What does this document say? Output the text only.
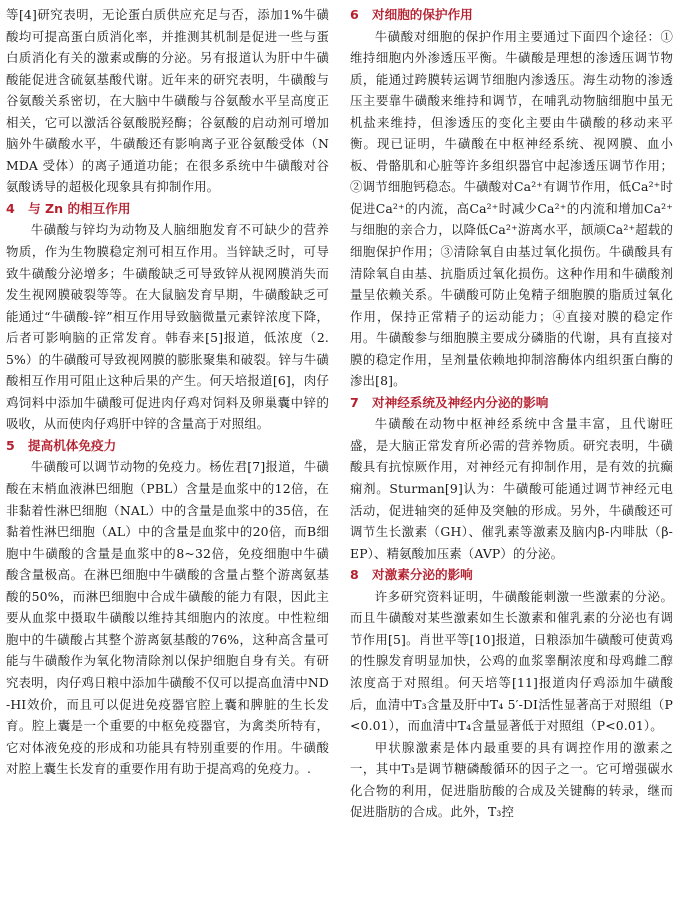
等[4]研究表明，无论蛋白质供应充足与否，添加1%牛磺酸均可提高蛋白质消化率，并推测其机制是促进一些与蛋白质消化有关的激素或酶的分泌。另有报道认为肝中牛磺酸能促进含硫氨基酸代谢。近年来的研究表明，牛磺酸与谷氨酸关系密切，在大脑中牛磺酸与谷氨酸水平呈高度正相关，它可以激活谷氨酸脱羟酶；谷氨酸的启动剂可增加脑外牛磺酸水平，牛磺酸还有影响离子亚谷氨酸受体（NMDA 受体）的离子通道功能；在很多系统中牛磺酸对谷氨酸诱导的超极化现象具有抑制作用。

4 与 Zn 的相互作用

牛磺酸与锌均为动物及人脑细胞发育不可缺少的营养物质，作为生物膜稳定剂可相互作用。当锌缺乏时，可导致牛磺酸分泌增多；牛磺酸缺乏可导致锌从视网膜消失而发生视网膜破裂等等。在大鼠脑发育早期，牛磺酸缺乏可能通过“牛磺酸-锌”相互作用导致脑微量元素锌浓度下降，后者可影响脑的正常发育。韩春来[5]报道，低浓度（2.5%）的牛磺酸可导致视网膜的膨胀聚集和破裂。锌与牛磺酸相互作用可阻止这种后果的产生。何天培报道[6]，肉仔鸡饲料中添加牛磺酸可促进肉仔鸡对饲料及卵巢囊中锌的吸收，从而使肉仔鸡肝中锌的含量高于对照组。

5 提高机体免疫力

牛磺酸可以调节动物的免疫力。杨佐君[7]报道，牛磺酸在末梢血液淋巴细胞（PBL）含量是血浆中的12倍，在非黏着性淋巴细胞（NAL）中的含量是血浆中的35倍，在黏着性淋巴细胞（AL）中的含量是血浆中的20倍，而B细胞中牛磺酸的含量是血浆中的8~32倍，免疫细胞中牛磺酸含量极高。在淋巴细胞中牛磺酸的含量占整个游离氨基酸的50%，而淋巴细胞中合成牛磺酸的能力有限，因此主要从血浆中摄取牛磺酸以维持其细胞内的浓度。中性粒细胞中的牛磺酸占其整个游离氨基酸的76%，这种高含量可能与牛磺酸作为氧化物清除剂以保护细胞自身有关。有研究表明，肉仔鸡日粮中添加牛磺酸不仅可以提高血清中ND-HI效价，而且可以促进免疫器官腔上囊和脾脏的生长发育。腔上囊是一个重要的中枢免疫器官，为禽类所特有，它对体液免疫的形成和功能具有特别重要的作用。牛磺酸对腔上囊生长发育的重要作用有助于提高鸡的免疫力。.

6 对细胞的保护作用

牛磺酸对细胞的保护作用主要通过下面四个途径：①维持细胞内外渗透压平衡。牛磺酸是理想的渗透压调节物质，能通过跨膜转运调节细胞内渗透压。海生动物的渗透压主要靠牛磺酸来维持和调节，在哺乳动物脑细胞中虽无机盐来维持，但渗透压的变化主要由牛磺酸的移动来平衡。现已证明，牛磺酸在中枢神经系统、视网膜、血小板、骨骼肌和心脏等许多组织器官中起渗透压调节作用；②调节细胞钙稳态。牛磺酸对Ca²⁺有调节作用，低Ca²⁺时促进Ca²⁺的内流，高Ca²⁺时减少Ca²⁺的内流和增加Ca²⁺与细胞的亲合力，以降低Ca²⁺游离水平，颉颃Ca²⁺超载的细胞保护作用；③清除氧自由基过氧化损伤。牛磺酸具有清除氧自由基、抗脂质过氧化损伤。这种作用和牛磺酸剂量呈依赖关系。牛磺酸可防止兔精子细胞膜的脂质过氧化作用，保持正常精子的运动能力；④直接对膜的稳定作用。牛磺酸参与细胞膜主要成分磷脂的代谢，具有直接对膜的稳定作用，呈剂量依赖地抑制溶酶体内组织蛋白酶的渗出[8]。

7 对神经系统及神经内分泌的影响

牛磺酸在动物中枢神经系统中含量丰富，且代谢旺盛，是大脑正常发育所必需的营养物质。研究表明，牛磺酸具有抗惊厥作用，对神经元有抑制作用，是有效的抗癫痫剂。Sturman[9]认为：牛磺酸可能通过调节神经元电活动，促进轴突的延伸及突触的形成。另外，牛磺酸还可调节生长激素（GH）、催乳素等激素及脑内β-内啡肽（β-EP）、精氨酸加压素（AVP）的分泌。

8 对激素分泌的影响

许多研究资料证明，牛磺酸能刺激一些激素的分泌。而且牛磺酸对某些激素如生长激素和催乳素的分泌也有调节作用[5]。肖世平等[10]报道，日粮添加牛磺酸可使黄鸡的性腺发育明显加快，公鸡的血浆睾酮浓度和母鸡雌二醇浓度高于对照组。何天培等[11]报道肉仔鸡添加牛磺酸后，血清中T₃含量及肝中T₄ 5′-DI活性显著高于对照组（P<0.01），而血清中T₄含量显著低于对照组（P<0.01）。

甲状腺激素是体内最重要的具有调控作用的激素之一，其中T₃是调节糖磷酸循环的因子之一。它可增强碳水化合物的利用，促进脂肪酸的合成及关键酶的转录，继而促进脂肪的合成。此外，T₃控
